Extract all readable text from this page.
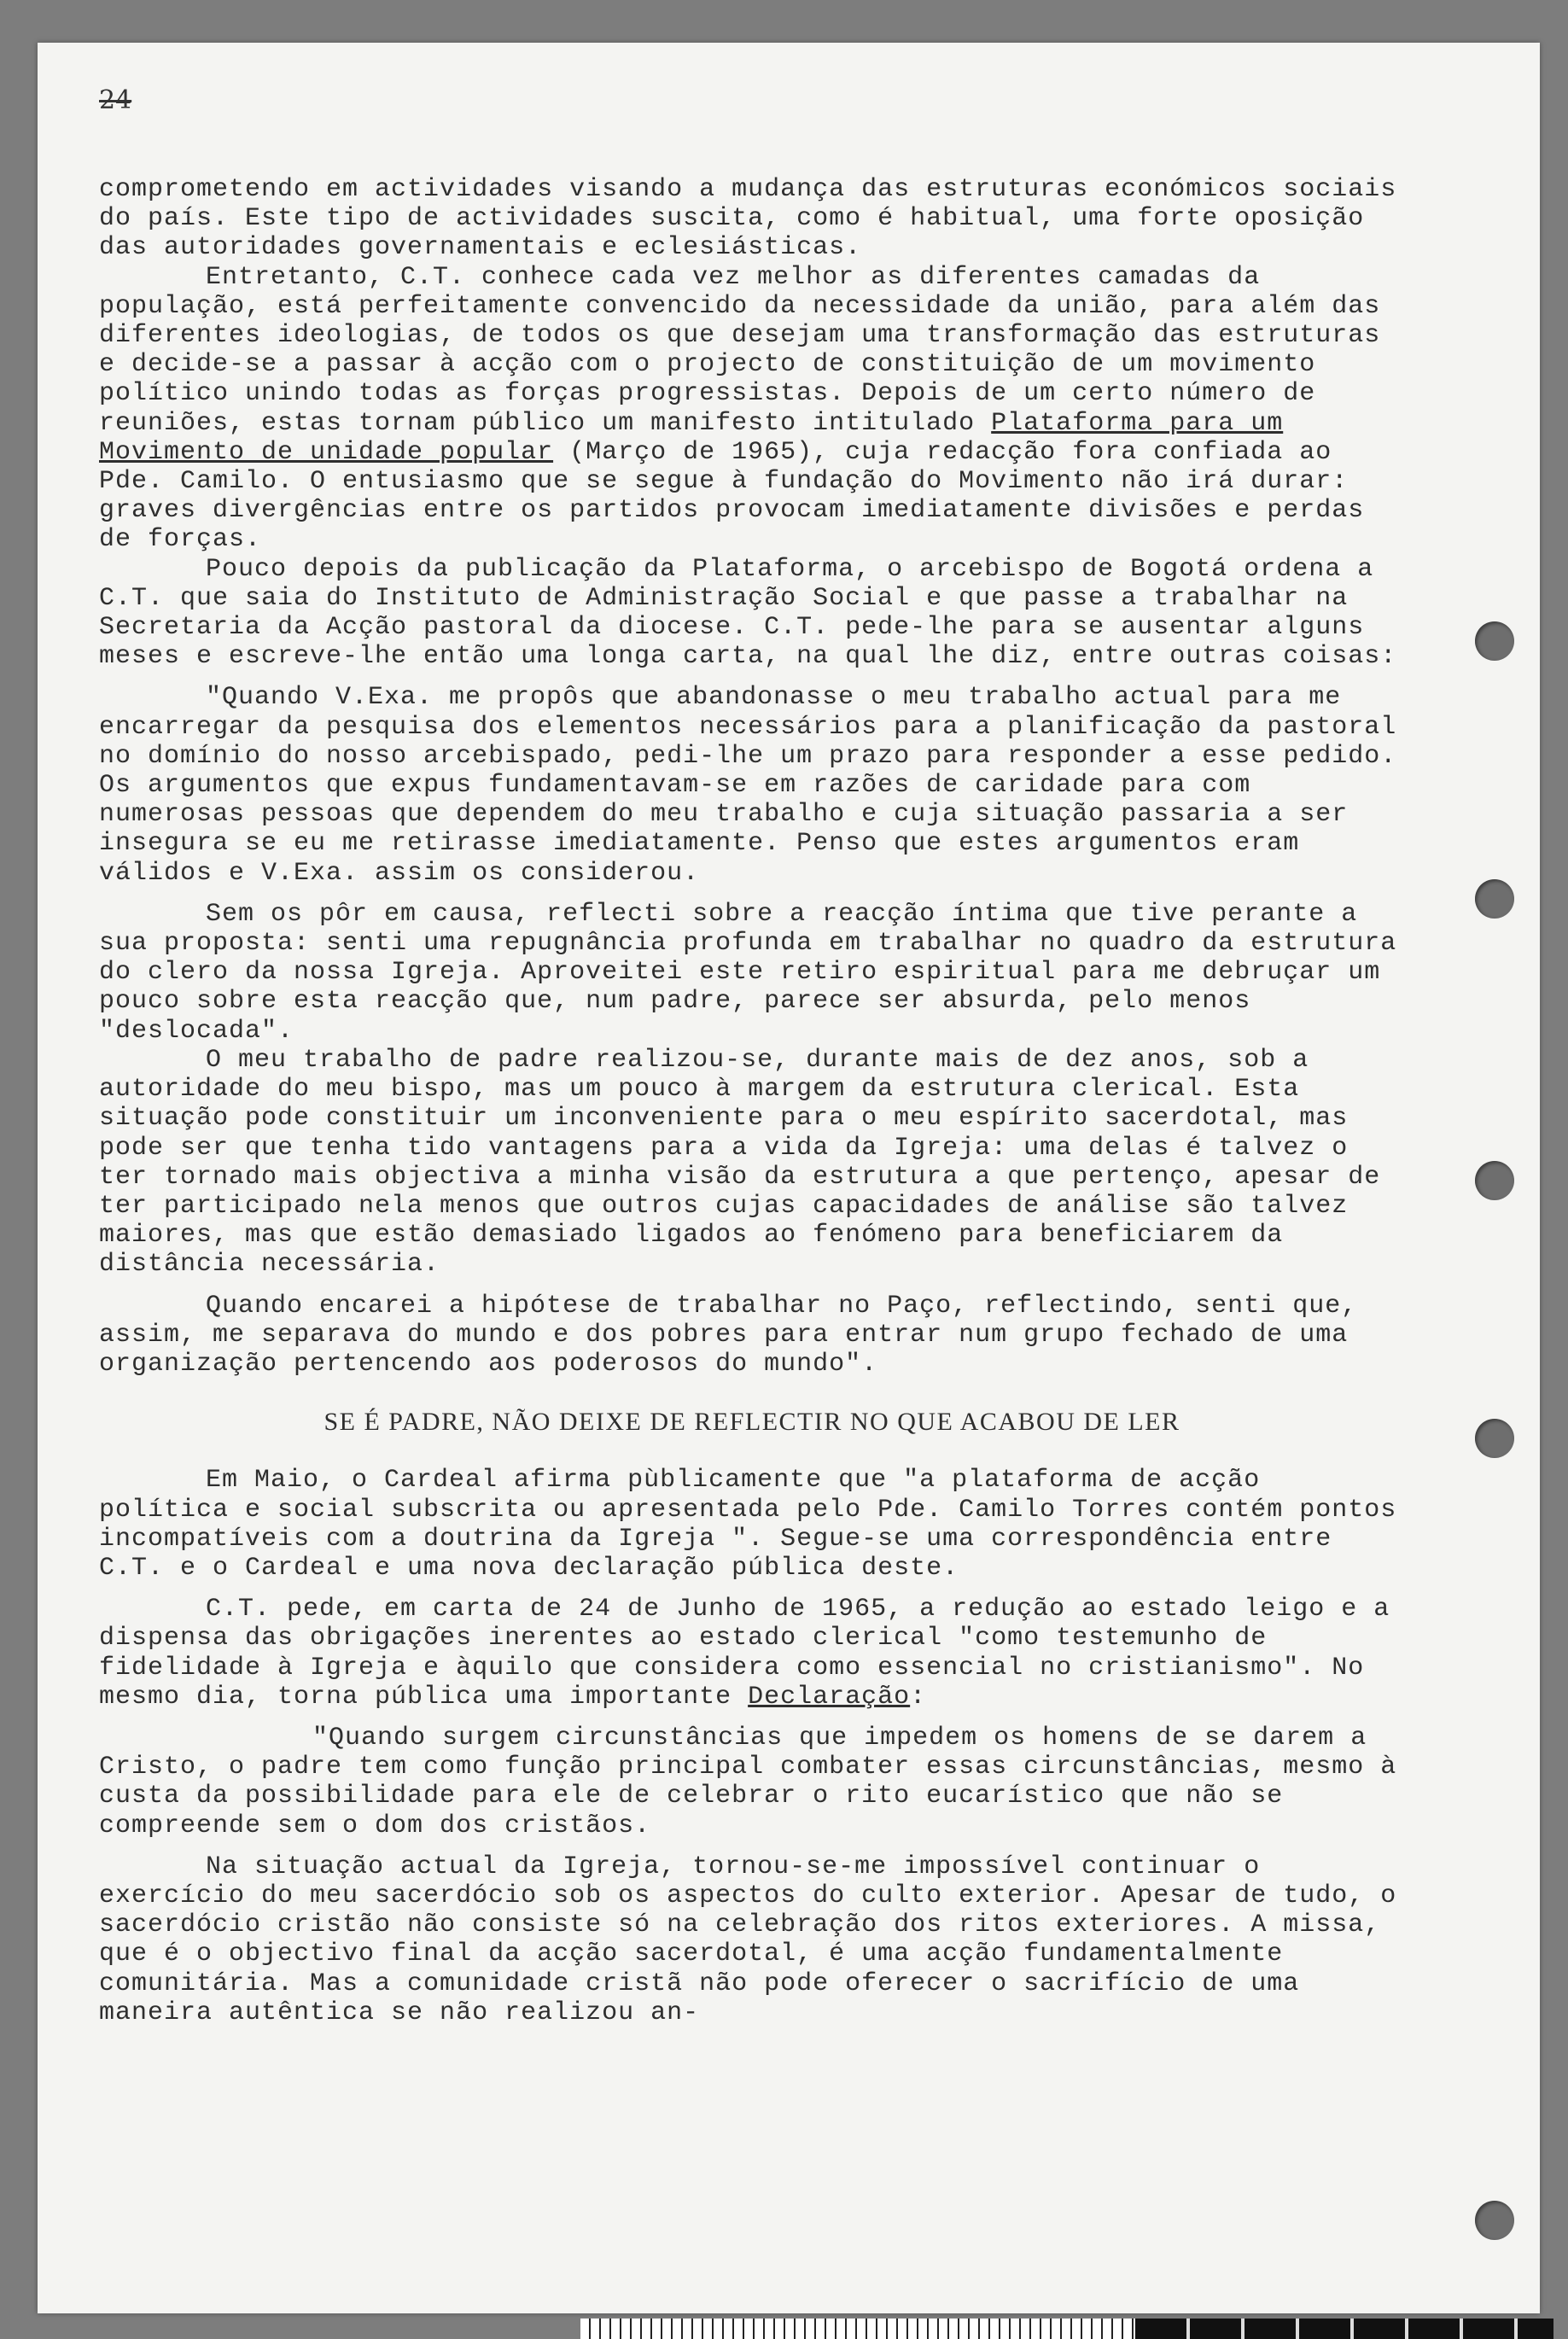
24

comprometendo em actividades visando a mudança das estruturas económicos sociais do país. Este tipo de actividades suscita, como é habitual, uma forte oposição das autoridades governamentais e eclesiásticas.

Entretanto, C.T. conhece cada vez melhor as diferentes camadas da população, está perfeitamente convencido da necessidade da união, para além das diferentes ideologias, de todos os que desejam uma transformação das estruturas e decide-se a passar à acção com o projecto de constituição de um movimento político unindo todas as forças progressistas. Depois de um certo número de reuniões, estas tornam público um manifesto intitulado Plataforma para um Movimento de unidade popular (Março de 1965), cuja redacção fora confiada ao Pde. Camilo. O entusiasmo que se segue à fundação do Movimento não irá durar: graves divergências entre os partidos provocam imediatamente divisões e perdas de forças.

Pouco depois da publicação da Plataforma, o arcebispo de Bogotá ordena a C.T. que saia do Instituto de Administração Social e que passe a trabalhar na Secretaria da Acção pastoral da diocese. C.T. pede-lhe para se ausentar alguns meses e escreve-lhe então uma longa carta, na qual lhe diz, entre outras coisas:

"Quando V.Exa. me propôs que abandonasse o meu trabalho actual para me encarregar da pesquisa dos elementos necessários para a planificação da pastoral no domínio do nosso arcebispado, pedi-lhe um prazo para responder a esse pedido. Os argumentos que expus fundamentavam-se em razões de caridade para com numerosas pessoas que dependem do meu trabalho e cuja situação passaria a ser insegura se eu me retirasse imediatamente. Penso que estes argumentos eram válidos e V.Exa. assim os considerou.

Sem os pôr em causa, reflecti sobre a reacção íntima que tive perante a sua proposta: senti uma repugnância profunda em trabalhar no quadro da estrutura do clero da nossa Igreja. Aproveitei este retiro espiritual para me debruçar um pouco sobre esta reacção que, num padre, parece ser absurda, pelo menos "deslocada".

O meu trabalho de padre realizou-se, durante mais de dez anos, sob a autoridade do meu bispo, mas um pouco à margem da estrutura clerical. Esta situação pode constituir um inconveniente para o meu espírito sacerdotal, mas pode ser que tenha tido vantagens para a vida da Igreja: uma delas é talvez o ter tornado mais objectiva a minha visão da estrutura a que pertenço, apesar de ter participado nela menos que outros cujas capacidades de análise são talvez maiores, mas que estão demasiado ligados ao fenómeno para beneficiarem da distância necessária.

Quando encarei a hipótese de trabalhar no Paço, reflectindo, senti que, assim, me separava do mundo e dos pobres para entrar num grupo fechado de uma organização pertencendo aos poderosos do mundo".

SE É PADRE, NÃO DEIXE DE REFLECTIR NO QUE ACABOU DE LER

Em Maio, o Cardeal afirma pùblicamente que "a plataforma de acção política e social subscrita ou apresentada pelo Pde. Camilo Torres contém pontos incompatíveis com a doutrina da Igreja ". Segue-se uma correspondência entre C.T. e o Cardeal e uma nova declaração pública deste.

C.T. pede, em carta de 24 de Junho de 1965, a redução ao estado leigo e a dispensa das obrigações inerentes ao estado clerical "como testemunho de fidelidade à Igreja e àquilo que considera como essencial no cristianismo". No mesmo dia, torna pública uma importante Declaração:

"Quando surgem circunstâncias que impedem os homens de se darem a Cristo, o padre tem como função principal combater essas circunstâncias, mesmo à custa da possibilidade para ele de celebrar o rito eucarístico que não se compreende sem o dom dos cristãos.

Na situação actual da Igreja, tornou-se-me impossível continuar o exercício do meu sacerdócio sob os aspectos do culto exterior. Apesar de tudo, o sacerdócio cristão não consiste só na celebração dos ritos exteriores. A missa, que é o objectivo final da acção sacerdotal, é uma acção fundamentalmente comunitária. Mas a comunidade cristã não pode oferecer o sacrifício de uma maneira autêntica se não realizou an-
